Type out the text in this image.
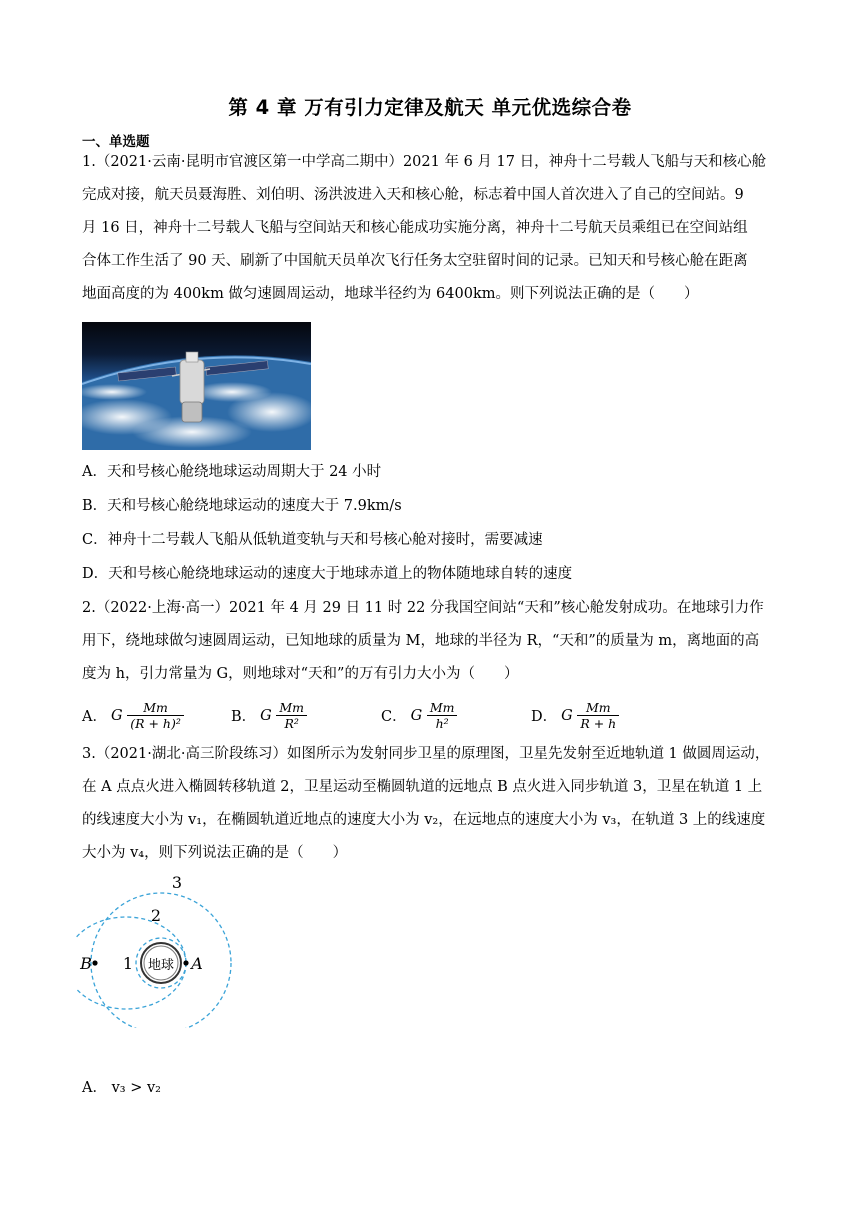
第 4 章 万有引力定律及航天 单元优选综合卷
一、单选题
1.（2021·云南·昆明市官渡区第一中学高二期中）2021 年 6 月 17 日，神舟十二号载人飞船与天和核心舱
完成对接，航天员聂海胜、刘伯明、汤洪波进入天和核心舱，标志着中国人首次进入了自己的空间站。9
月 16 日，神舟十二号载人飞船与空间站天和核心能成功实施分离，神舟十二号航天员乘组已在空间站组
合体工作生活了 90 天、刷新了中国航天员单次飞行任务太空驻留时间的记录。已知天和号核心舱在距离
地面高度的为 400km 做匀速圆周运动，地球半径约为 6400km。则下列说法正确的是（　　）
A．天和号核心舱绕地球运动周期大于 24 小时
B．天和号核心舱绕地球运动的速度大于 7.9km/s
C．神舟十二号载人飞船从低轨道变轨与天和号核心舱对接时，需要减速
D．天和号核心舱绕地球运动的速度大于地球赤道上的物体随地球自转的速度
2.（2022·上海·高一）2021 年 4 月 29 日 11 时 22 分我国空间站“天和”核心舱发射成功。在地球引力作
用下，绕地球做匀速圆周运动，已知地球的质量为 M，地球的半径为 R，“天和”的质量为 m，离地面的高
度为 h，引力常量为 G，则地球对“天和”的万有引力大小为（　　）
A． G $\frac{Mm}{\text{(R + h)²}}$	B． G $\frac{Mm}{\text{R²}}$	C． G $\frac{Mm}{\text{h²}}$	D． G $\frac{Mm}{R + h}$
3.（2021·湖北·高三阶段练习）如图所示为发射同步卫星的原理图，卫星先发射至近地轨道 1 做圆周运动，
在 A 点点火进入椭圆转移轨道 2，卫星运动至椭圆轨道的远地点 B 点火进入同步轨道 3，卫星在轨道 1 上
的线速度大小为 v₁，在椭圆轨道近地点的速度大小为 v₂，在远地点的速度大小为 v₃，在轨道 3 上的线速度
大小为 v₄，则下列说法正确的是（　　）
地球
3
2
1	A
B
A． v₃ > v₂
